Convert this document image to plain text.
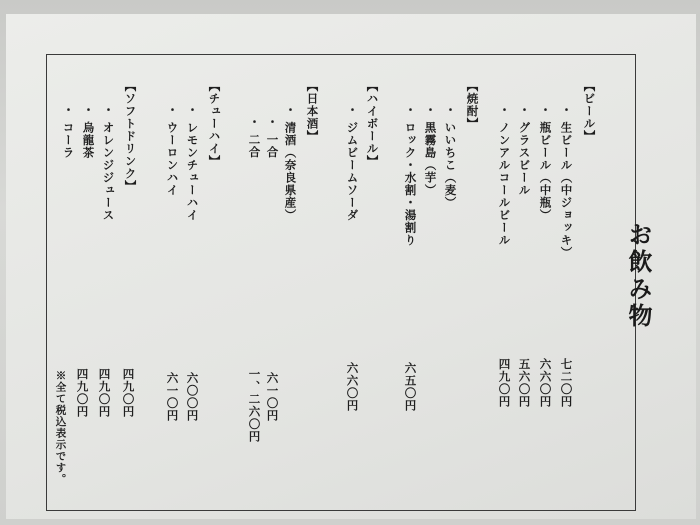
お飲み物
【ビール】
・ 生ビール（中ジョッキ）
・ 瓶ビール（中瓶）
・ グラスビール
・ ノンアルコールビール
七二〇円
六六〇円
五六〇円
四九〇円
【焼酎】
・ いいちこ（麦）
・ 黒霧島（芋）
・ ロック・水割・湯割り
六五〇円
【ハイボール】
・ ジムビームソーダ
六六〇円
【日本酒】
・ 清酒（奈良県産）
・ 一合
・ 二合
六一〇円
一、二六〇円
【チューハイ】
・ レモンチューハイ
・ ウーロンハイ
六〇〇円
六一〇円
【ソフトドリンク】
・ オレンジジュース
・ 烏龍茶
・ コーラ
四九〇円
四九〇円
四九〇円
※全て税込表示です。
